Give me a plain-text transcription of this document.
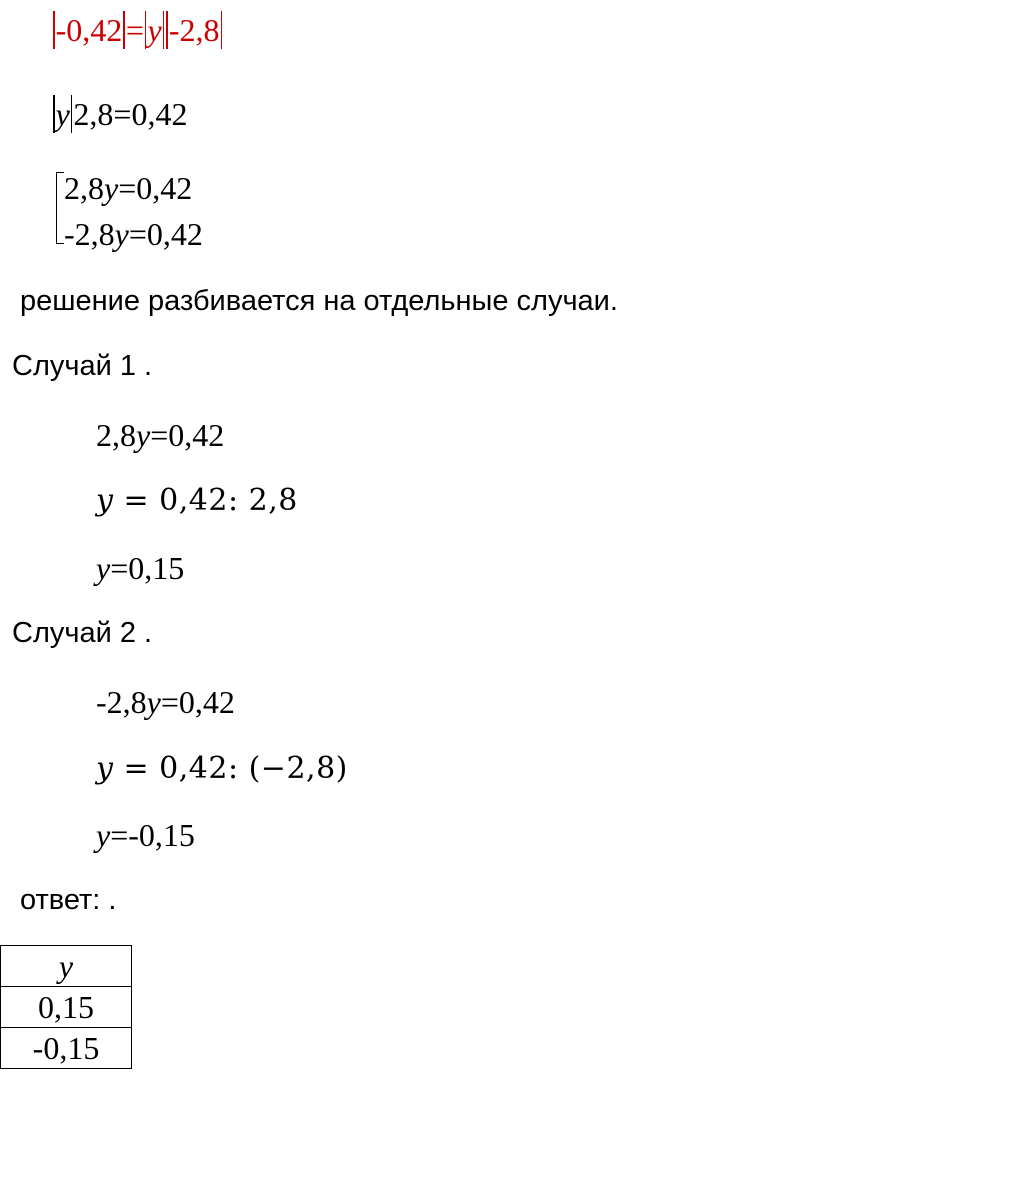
-0,42 = y -2,8
y 2,8=0,42
2,8y=0,42
-2,8y=0,42
решение разбивается на отдельные случаи.
Случай 1 .
2,8y=0,42
y = 0,42: 2,8
y=0,15
Случай 2 .
-2,8y=0,42
y = 0,42: (−2,8)
y=-0,15
ответ: .
y
0,15
-0,15
